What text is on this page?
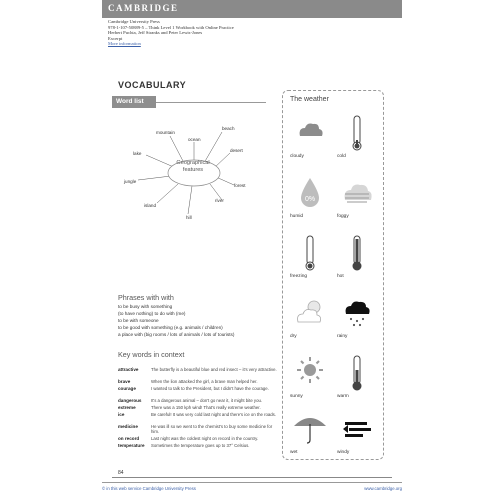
CAMBRIDGE
Cambridge University Press
978-1-107-50889-5 – Think Level 1 Workbook with Online Practice
Herbert Puchta, Jeff Stranks and Peter Lewis-Jones
Excerpt
More information
VOCABULARY
Word list	The weather
Geographical
features
mountain
ocean
beach
lake
desert
jungle
forest
island
river
hill
Phrases with with
to be busy with something
(to have nothing) to do with (me)
to be with someone
to be good with something (e.g. animals / children)
a place with (big rooms / lots of animals / lots of tourists)
Key words in context
attractive	The butterfly is a beautiful blue and red insect – it's very attractive.
brave	When the lion attacked the girl, a brave man helped her.
courage	I wanted to talk to the President, but I didn't have the courage.
dangerous It's a dangerous animal – don't go near it, it might bite you.
extreme	There was a 150 kph wind! That's really extreme weather.
ice	Be careful! It was very cold last night and there's ice on the roads.
medicine	He was ill so we went to the chemist's to buy some medicine for him.
on record	Last night was the coldest night on record in the country.
temperature Sometimes the temperature goes up to 37° Celsius.
84
cloudy	cold
0%
humid	foggy
freezing	hot
dry	rainy
sunny	warm
wet	windy
© in this web service Cambridge University Press	www.cambridge.org
